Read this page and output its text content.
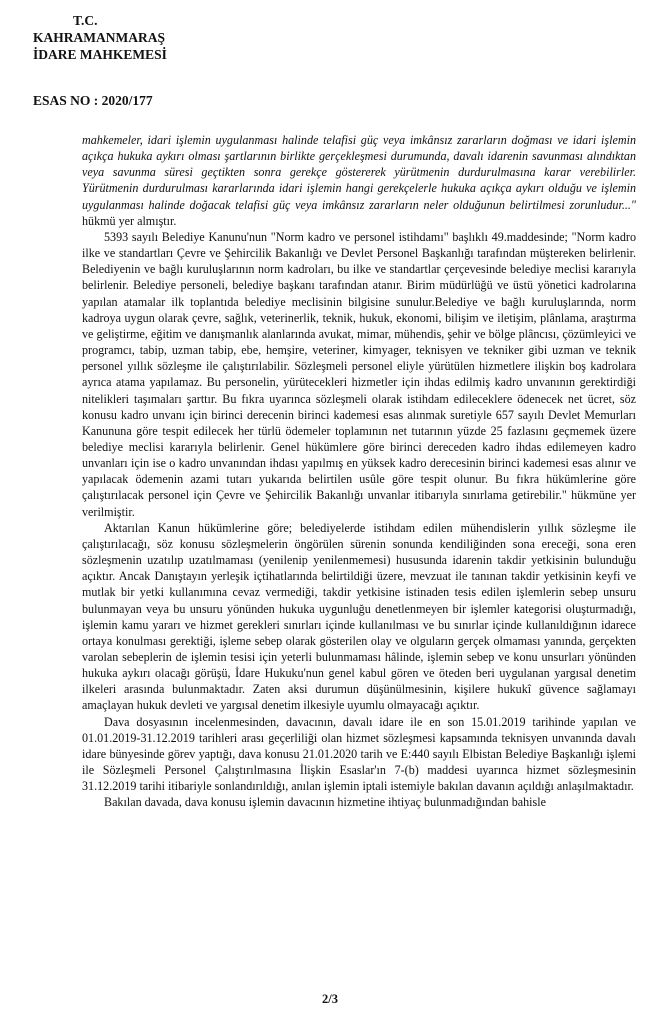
T.C.
KAHRAMANMARAŞ
İDARE MAHKEMESİ
ESAS NO : 2020/177

mahkemeler, idari işlemin uygulanması halinde telafisi güç veya imkânsız zararların doğması ve idari işlemin açıkça hukuka aykırı olması şartlarının birlikte gerçekleşmesi durumunda, davalı idarenin savunması alındıktan veya savunma süresi geçtikten sonra gerekçe göstererek yürütmenin durdurulmasına karar verebilirler. Yürütmenin durdurulması kararlarında idari işlemin hangi gerekçelerle hukuka açıkça aykırı olduğu ve işlemin uygulanması halinde doğacak telafisi güç veya imkânsız zararların neler olduğunun belirtilmesi zorunludur..." hükmü yer almıştır.

5393 sayılı Belediye Kanunu'nun "Norm kadro ve personel istihdamı" başlıklı 49.maddesinde; "Norm kadro ilke ve standartları Çevre ve Şehircilik Bakanlığı ve Devlet Personel Başkanlığı tarafından müştereken belirlenir. Belediyenin ve bağlı kuruluşlarının norm kadroları, bu ilke ve standartlar çerçevesinde belediye meclisi kararıyla belirlenir. Belediye personeli, belediye başkanı tarafından atanır. Birim müdürlüğü ve üstü yönetici kadrolarına yapılan atamalar ilk toplantıda belediye meclisinin bilgisine sunulur.Belediye ve bağlı kuruluşlarında, norm kadroya uygun olarak çevre, sağlık, veterinerlik, teknik, hukuk, ekonomi, bilişim ve iletişim, plânlama, araştırma ve geliştirme, eğitim ve danışmanlık alanlarında avukat, mimar, mühendis, şehir ve bölge plâncısı, çözümleyici ve programcı, tabip, uzman tabip, ebe, hemşire, veteriner, kimyager, teknisyen ve tekniker gibi uzman ve teknik personel yıllık sözleşme ile çalıştırılabilir. Sözleşmeli personel eliyle yürütülen hizmetlere ilişkin boş kadrolara ayrıca atama yapılamaz. Bu personelin, yürütecekleri hizmetler için ihdas edilmiş kadro unvanının gerektirdiği nitelikleri taşımaları şarttır. Bu fıkra uyarınca sözleşmeli olarak istihdam edileceklere ödenecek net ücret, söz konusu kadro unvanı için birinci derecenin birinci kademesi esas alınmak suretiyle 657 sayılı Devlet Memurları Kanununa göre tespit edilecek her türlü ödemeler toplamının net tutarının yüzde 25 fazlasını geçmemek üzere belediye meclisi kararıyla belirlenir. Genel hükümlere göre birinci dereceden kadro ihdas edilemeyen kadro unvanları için ise o kadro unvanından ihdası yapılmış en yüksek kadro derecesinin birinci kademesi esas alınır ve yapılacak ödemenin azami tutarı yukarıda belirtilen usûle göre tespit olunur. Bu fıkra hükümlerine göre çalıştırılacak personel için Çevre ve Şehircilik Bakanlığı unvanlar itibarıyla sınırlama getirebilir." hükmüne yer verilmiştir.

Aktarılan Kanun hükümlerine göre; belediyelerde istihdam edilen mühendislerin yıllık sözleşme ile çalıştırılacağı, söz konusu sözleşmelerin öngörülen sürenin sonunda kendiliğinden sona ereceği, sona eren sözleşmenin uzatılıp uzatılmaması (yenilenip yenilenmemesi) hususunda idarenin takdir yetkisinin bulunduğu açıktır. Ancak Danıştayın yerleşik içtihatlarında belirtildiği üzere, mevzuat ile tanınan takdir yetkisinin keyfi ve mutlak bir yetki kullanımına cevaz vermediği, takdir yetkisine istinaden tesis edilen işlemlerin sebep unsuru bulunmayan veya bu unsuru yönünden hukuka uygunluğu denetlenmeyen bir işlemler kategorisi oluşturmadığı, işlemin kamu yararı ve hizmet gerekleri sınırları içinde kullanılması ve bu sınırlar içinde kullanıldığının idarece ortaya konulması gerektiği, işleme sebep olarak gösterilen olay ve olguların gerçek olmaması yanında, gerçekten varolan sebeplerin de işlemin tesisi için yeterli bulunmaması hâlinde, işlemin sebep ve konu unsurları yönünden hukuka aykırı olacağı görüşü, İdare Hukuku'nun genel kabul gören ve öteden beri uygulanan yargısal denetim ilkeleri arasında bulunmaktadır. Zaten aksi durumun düşünülmesinin, kişilere hukukî güvence sağlamayı amaçlayan hukuk devleti ve yargısal denetim ilkesiyle uyumlu olmayacağı açıktır.

Dava dosyasının incelenmesinden, davacının, davalı idare ile en son 15.01.2019 tarihinde yapılan ve 01.01.2019-31.12.2019 tarihleri arası geçerliliği olan hizmet sözleşmesi kapsamında teknisyen unvanında davalı idare bünyesinde görev yaptığı, dava konusu 21.01.2020 tarih ve E:440 sayılı Elbistan Belediye Başkanlığı işlemi ile Sözleşmeli Personel Çalıştırılmasına İlişkin Esaslar'ın 7-(b) maddesi uyarınca hizmet sözleşmesinin 31.12.2019 tarihi itibariyle sonlandırıldığı, anılan işlemin iptali istemiyle bakılan davanın açıldığı anlaşılmaktadır.

Bakılan davada, dava konusu işlemin davacının hizmetine ihtiyaç bulunmadığından bahisle

2/3
